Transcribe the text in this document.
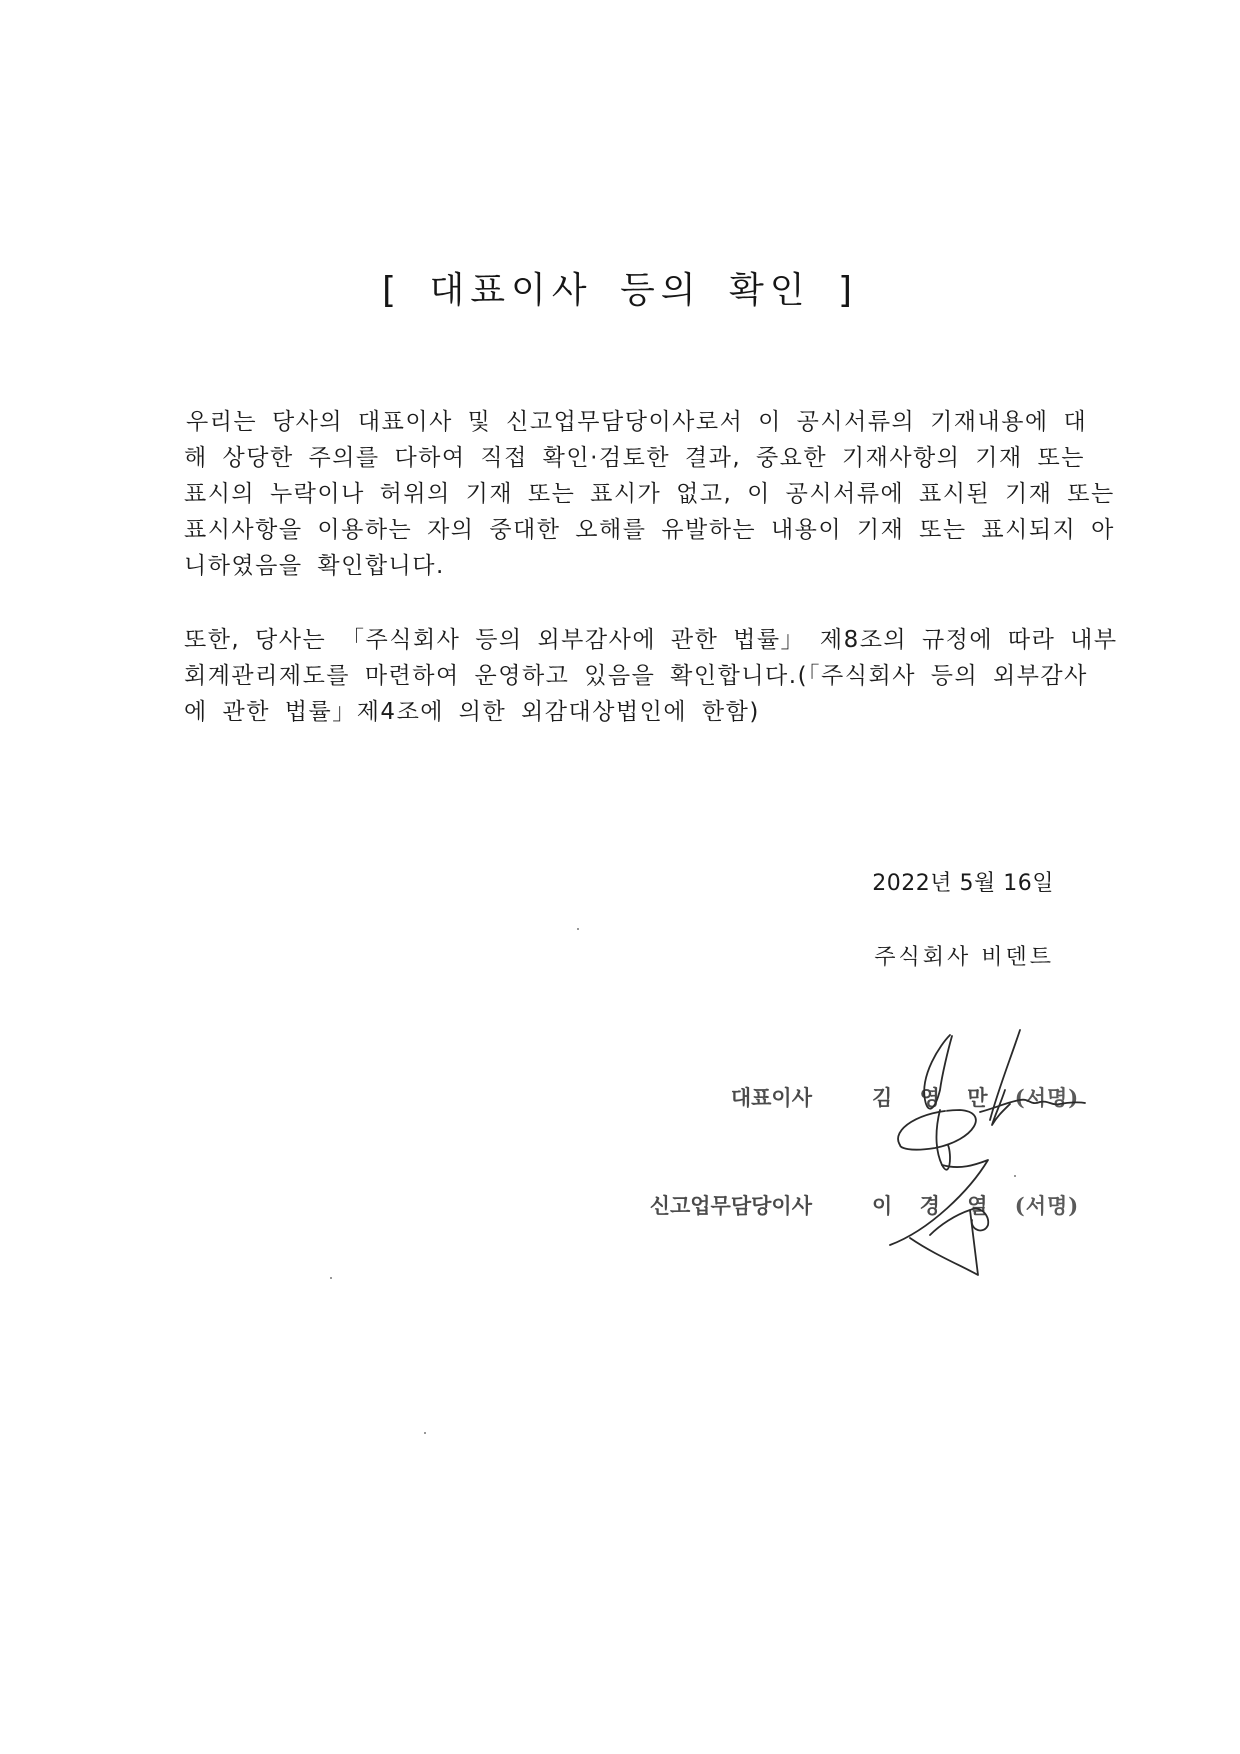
[ 대표이사 등의 확인 ]
우리는 당사의 대표이사 및 신고업무담당이사로서 이 공시서류의 기재내용에 대
해 상당한 주의를 다하여 직접 확인·검토한 결과, 중요한 기재사항의 기재 또는
표시의 누락이나 허위의 기재 또는 표시가 없고, 이 공시서류에 표시된 기재 또는
표시사항을 이용하는 자의 중대한 오해를 유발하는 내용이 기재 또는 표시되지 아
니하였음을 확인합니다.
또한, 당사는 「주식회사 등의 외부감사에 관한 법률」 제8조의 규정에 따라 내부
회계관리제도를 마련하여 운영하고 있음을 확인합니다.(「주식회사 등의 외부감사
에 관한 법률」제4조에 의한 외감대상법인에 한함)
2022년 5월 16일
주식회사 비덴트
대표이사	김 영 만 (서명)
신고업무담당이사	이 경 열 (서명)
